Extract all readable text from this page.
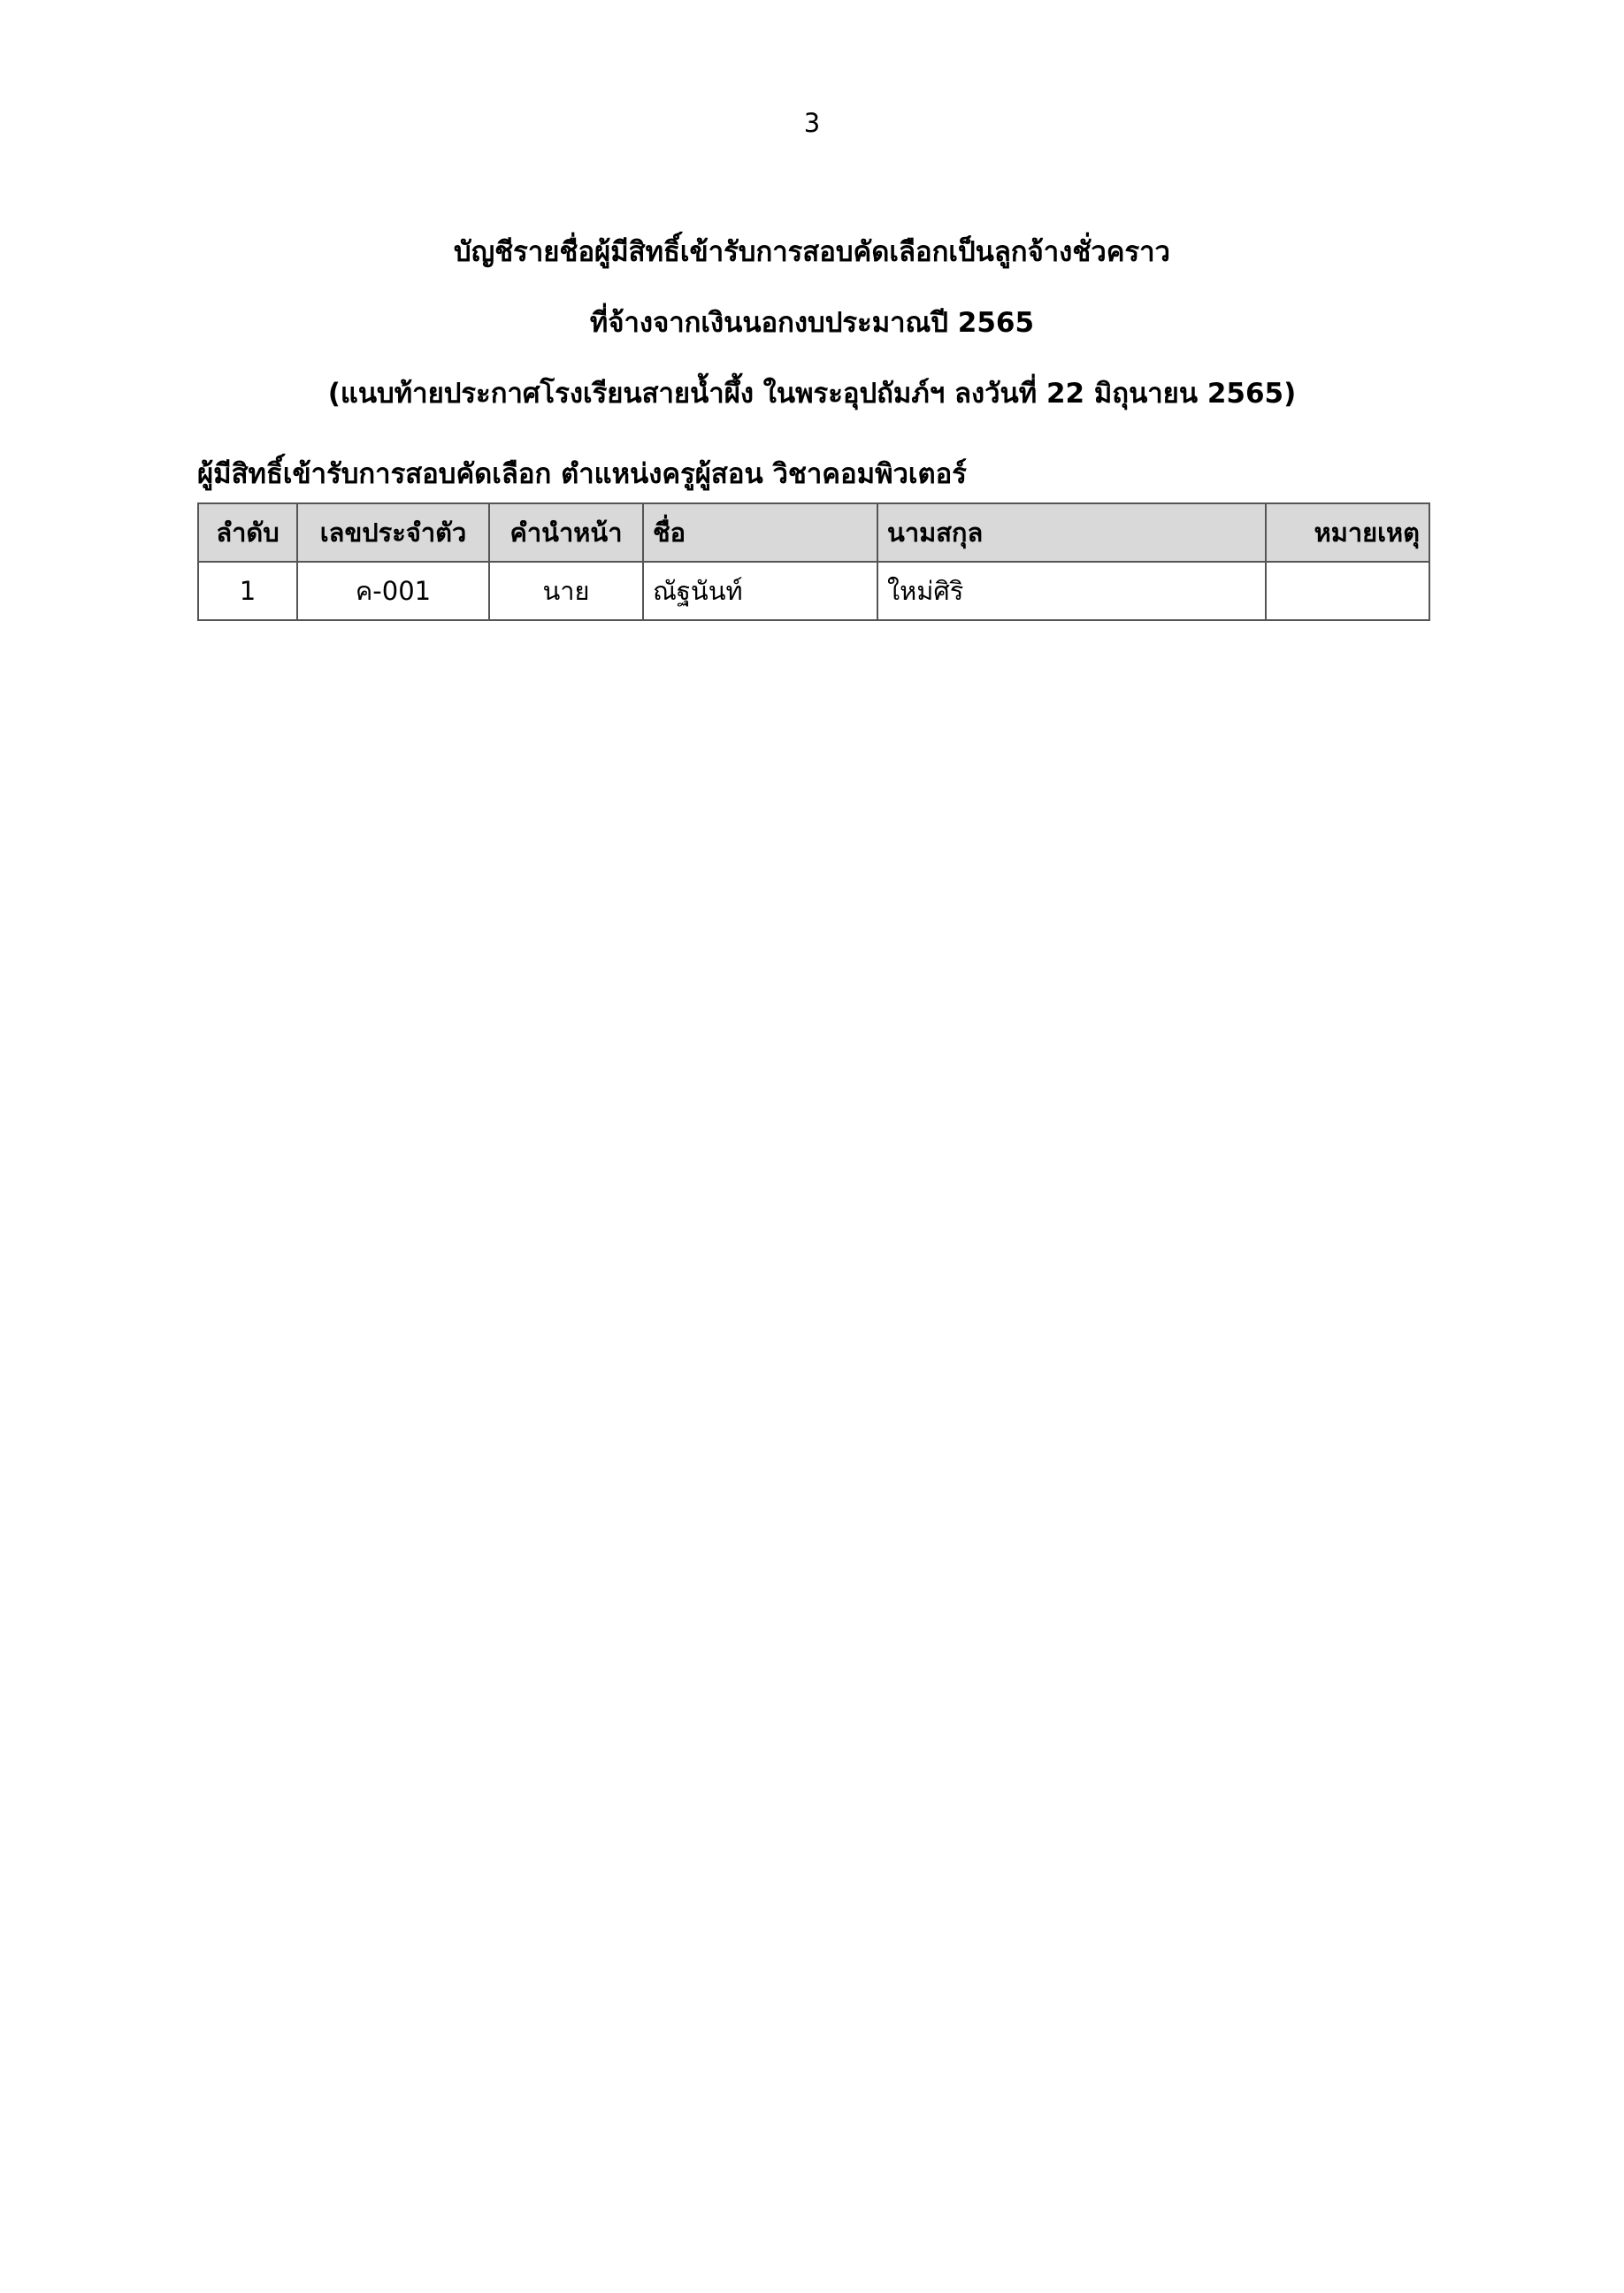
3
บัญชีรายชื่อผู้มีสิทธิ์เข้ารับการสอบคัดเลือกเป็นลูกจ้างชั่วคราว
ที่จ้างจากเงินนอกงบประมาณปี 2565
(แนบท้ายประกาศโรงเรียนสายน้ำผึ้ง ในพระอุปถัมภ์ฯ ลงวันที่ 22 มิถุนายน 2565)
ผู้มีสิทธิ์เข้ารับการสอบคัดเลือก ตำแหน่งครูผู้สอน วิชาคอมพิวเตอร์
ลำดับ	เลขประจำตัว	คำนำหน้า	ชื่อ	นามสกุล	หมายเหตุ
1	ค-001	นาย	ณัฐนันท์	ใหม่ศิริ	
